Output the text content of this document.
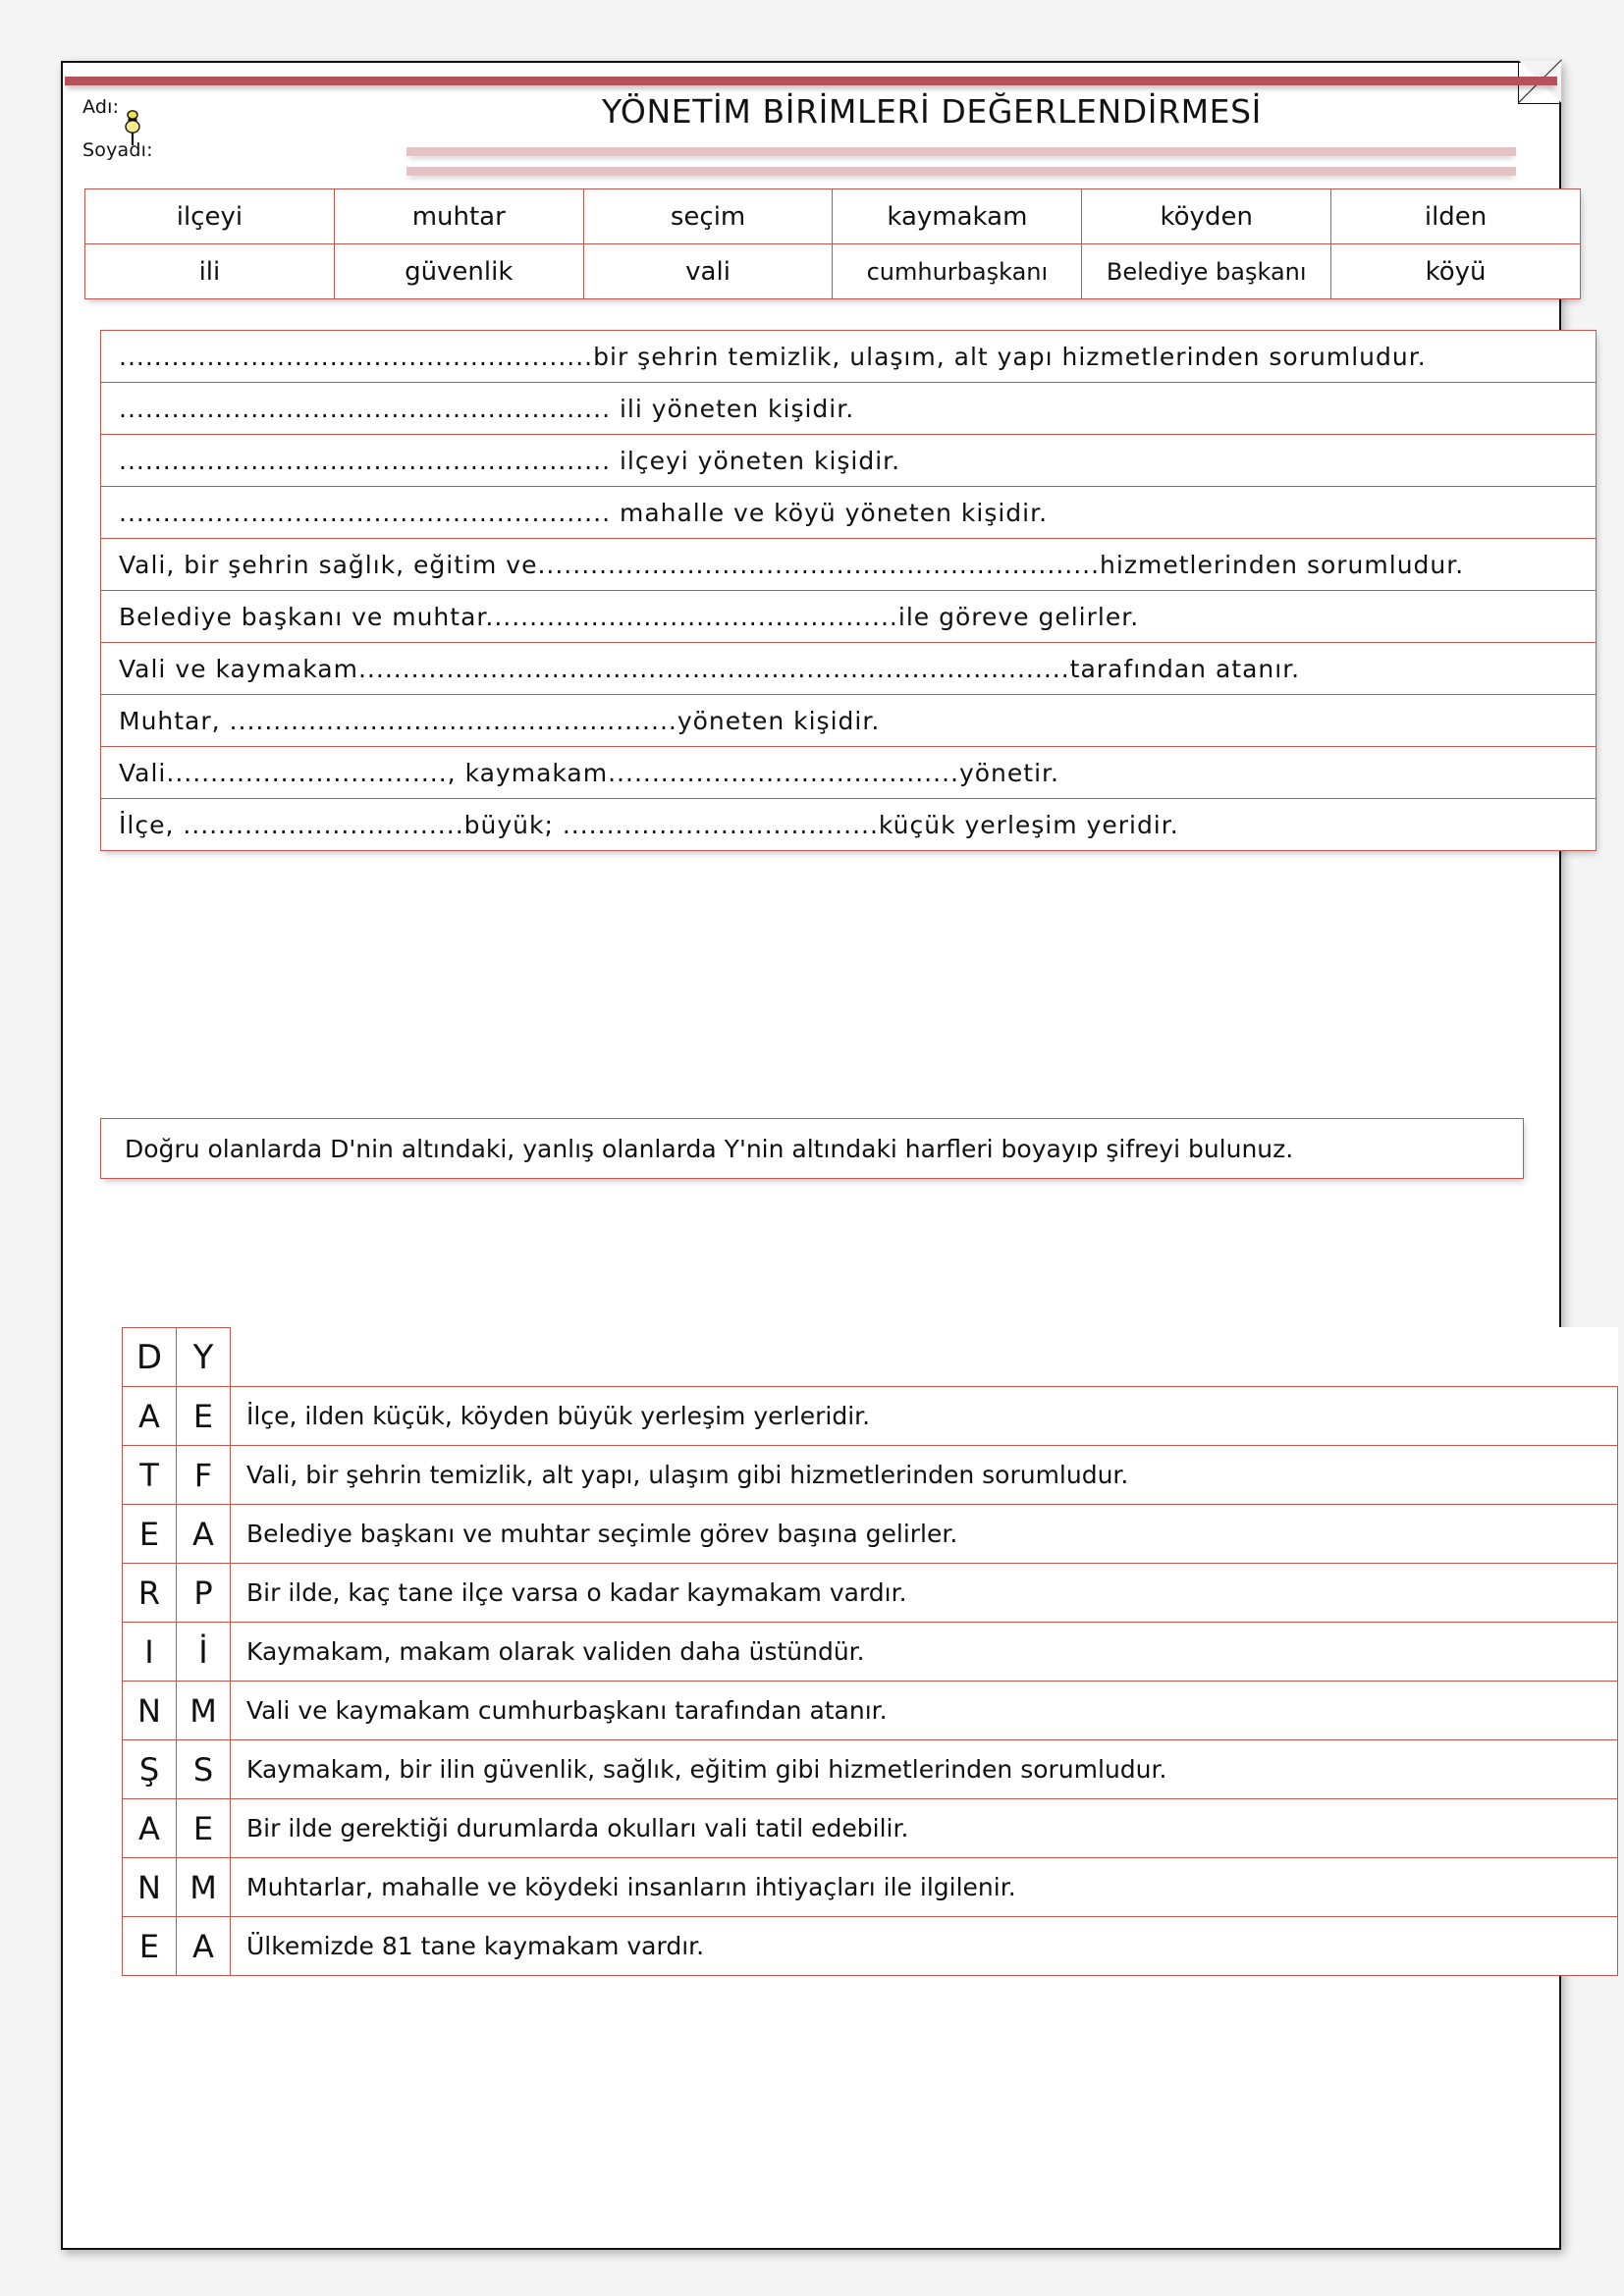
Adı:
Soyadı:
YÖNETİM BİRİMLERİ DEĞERLENDİRMESİ
ilçeyi	muhtar	seçim	kaymakam	köyden	ilden
ili	güvenlik	vali	cumhurbaşkanı	Belediye başkanı	köyü
......................................................bir şehrin temizlik, ulaşım, alt yapı hizmetlerinden sorumludur.
........................................................ ili yöneten kişidir.
........................................................ ilçeyi yöneten kişidir.
........................................................ mahalle ve köyü yöneten kişidir.
Vali, bir şehrin sağlık, eğitim ve................................................................hizmetlerinden sorumludur.
Belediye başkanı ve muhtar...............................................ile göreve gelirler.
Vali ve kaymakam.................................................................................tarafından atanır.
Muhtar, ...................................................yöneten kişidir.
Vali................................, kaymakam........................................yönetir.
İlçe, ................................büyük; ....................................küçük yerleşim yeridir.
Doğru olanlarda D'nin altındaki, yanlış olanlarda Y'nin altındaki harfleri boyayıp şifreyi bulunuz.
D	Y	
A	E	İlçe, ilden küçük, köyden büyük yerleşim yerleridir.
T	F	Vali, bir şehrin temizlik, alt yapı, ulaşım gibi hizmetlerinden sorumludur.
E	A	Belediye başkanı ve muhtar seçimle görev başına gelirler.
R	P	Bir ilde, kaç tane ilçe varsa o kadar kaymakam vardır.
I	İ	Kaymakam, makam olarak validen daha üstündür.
N	M	Vali ve kaymakam cumhurbaşkanı tarafından atanır.
Ş	S	Kaymakam, bir ilin güvenlik, sağlık, eğitim gibi hizmetlerinden sorumludur.
A	E	Bir ilde gerektiği durumlarda okulları vali tatil edebilir.
N	M	Muhtarlar, mahalle ve köydeki insanların ihtiyaçları ile ilgilenir.
E	A	Ülkemizde 81 tane kaymakam vardır.
